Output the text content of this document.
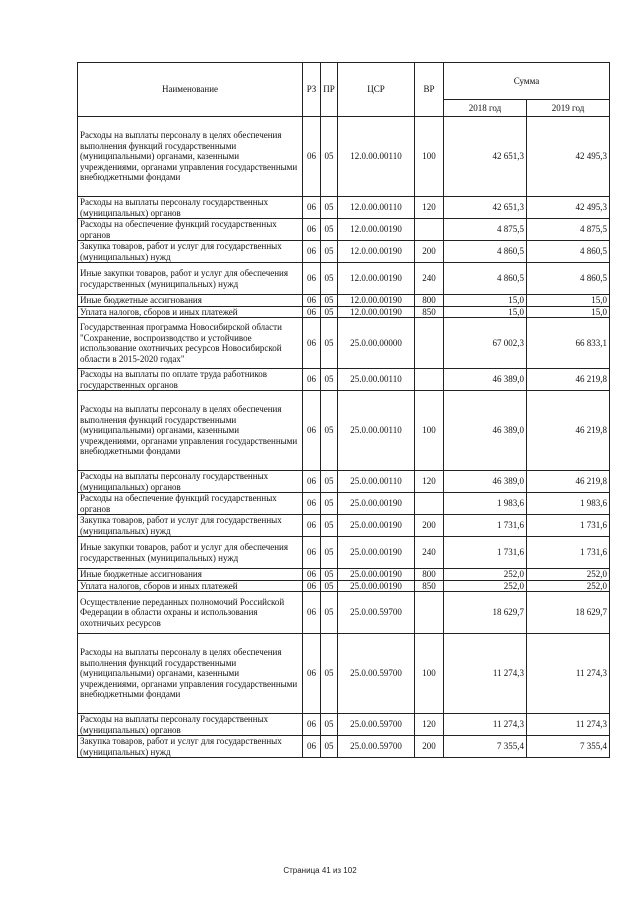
Наименование	РЗ	ПР	ЦСР	ВР	Сумма	
					2018 год	2019 год
Расходы на выплаты персоналу в целях обеспечения выполнения функций государственными (муниципальными) органами, казенными учреждениями, органами управления государственными внебюджетными фондами	06	05	12.0.00.00110	100	42 651,3	42 495,3
Расходы на выплаты персоналу государственных (муниципальных) органов	06	05	12.0.00.00110	120	42 651,3	42 495,3
Расходы на обеспечение функций государственных органов	06	05	12.0.00.00190		4 875,5	4 875,5
Закупка товаров, работ и услуг для государственных (муниципальных) нужд	06	05	12.0.00.00190	200	4 860,5	4 860,5
Иные закупки товаров, работ и услуг для обеспечения государственных (муниципальных) нужд	06	05	12.0.00.00190	240	4 860,5	4 860,5
Иные бюджетные ассигнования	06	05	12.0.00.00190	800	15,0	15,0
Уплата налогов, сборов и иных платежей	06	05	12.0.00.00190	850	15,0	15,0
Государственная программа Новосибирской области "Сохранение, воспроизводство и устойчивое использование охотничьих ресурсов Новосибирской области в 2015-2020 годах"	06	05	25.0.00.00000		67 002,3	66 833,1
Расходы на выплаты по оплате труда работников государственных органов	06	05	25.0.00.00110		46 389,0	46 219,8
Расходы на выплаты персоналу в целях обеспечения выполнения функций государственными (муниципальными) органами, казенными учреждениями, органами управления государственными внебюджетными фондами	06	05	25.0.00.00110	100	46 389,0	46 219,8
Расходы на выплаты персоналу государственных (муниципальных) органов	06	05	25.0.00.00110	120	46 389,0	46 219,8
Расходы на обеспечение функций государственных органов	06	05	25.0.00.00190		1 983,6	1 983,6
Закупка товаров, работ и услуг для государственных (муниципальных) нужд	06	05	25.0.00.00190	200	1 731,6	1 731,6
Иные закупки товаров, работ и услуг для обеспечения государственных (муниципальных) нужд	06	05	25.0.00.00190	240	1 731,6	1 731,6
Иные бюджетные ассигнования	06	05	25.0.00.00190	800	252,0	252,0
Уплата налогов, сборов и иных платежей	06	05	25.0.00.00190	850	252,0	252,0
Осуществление переданных полномочий Российской Федерации в области охраны и использования охотничьих ресурсов	06	05	25.0.00.59700		18 629,7	18 629,7
Расходы на выплаты персоналу в целях обеспечения выполнения функций государственными (муниципальными) органами, казенными учреждениями, органами управления государственными внебюджетными фондами	06	05	25.0.00.59700	100	11 274,3	11 274,3
Расходы на выплаты персоналу государственных (муниципальных) органов	06	05	25.0.00.59700	120	11 274,3	11 274,3
Закупка товаров, работ и услуг для государственных (муниципальных) нужд	06	05	25.0.00.59700	200	7 355,4	7 355,4
Страница 41 из 102
